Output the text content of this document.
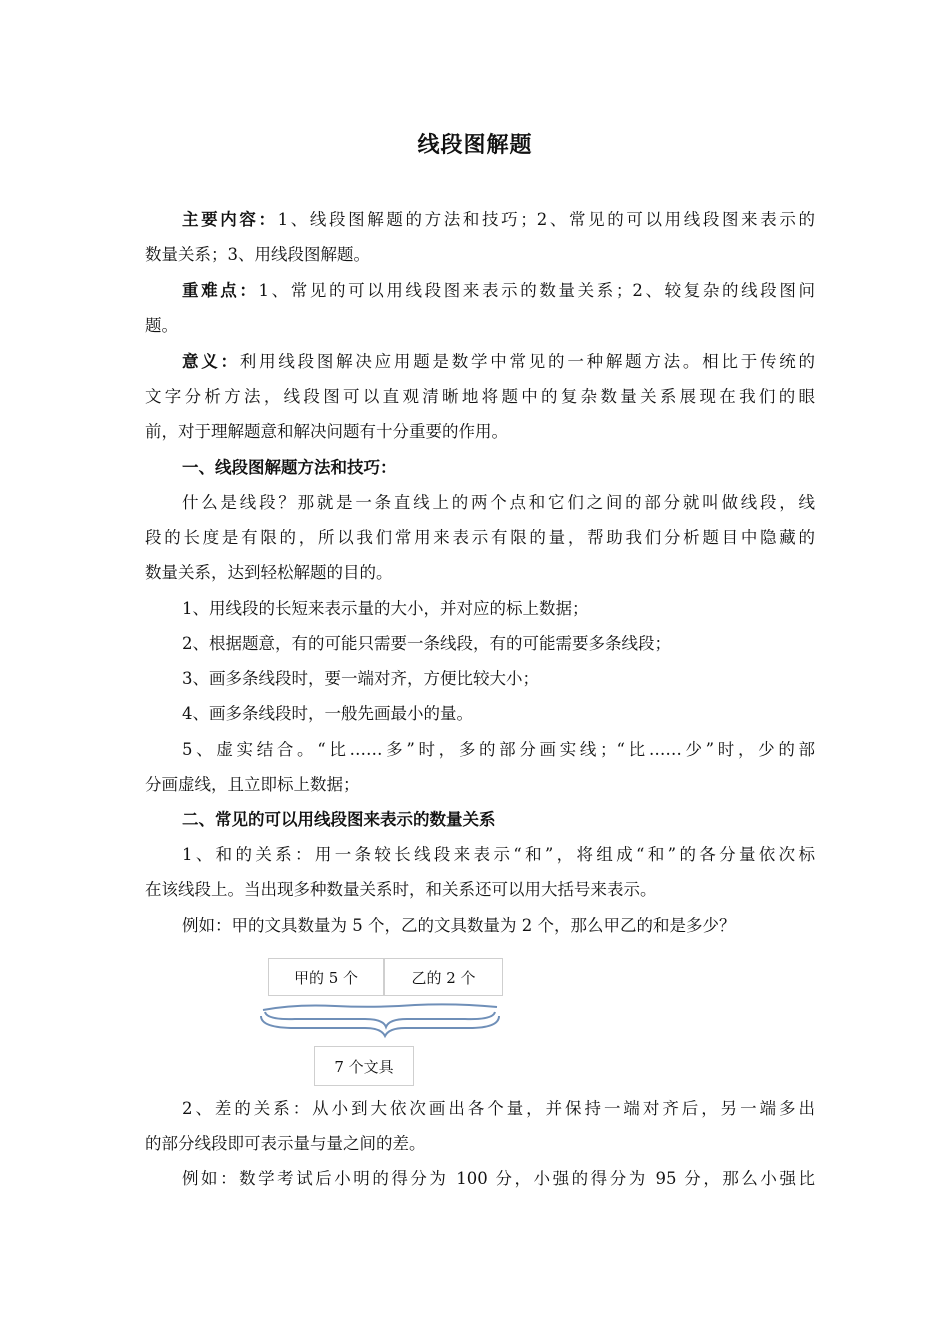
线段图解题
主要内容：1、线段图解题的方法和技巧；2、常见的可以用线段图来表示的
数量关系；3、用线段图解题。
重难点：1、常见的可以用线段图来表示的数量关系；2、较复杂的线段图问
题。
意义：利用线段图解决应用题是数学中常见的一种解题方法。相比于传统的
文字分析方法，线段图可以直观清晰地将题中的复杂数量关系展现在我们的眼
前，对于理解题意和解决问题有十分重要的作用。
一、线段图解题方法和技巧：
什么是线段？那就是一条直线上的两个点和它们之间的部分就叫做线段，线
段的长度是有限的，所以我们常用来表示有限的量，帮助我们分析题目中隐藏的
数量关系，达到轻松解题的目的。
1、用线段的长短来表示量的大小，并对应的标上数据；
2、根据题意，有的可能只需要一条线段，有的可能需要多条线段；
3、画多条线段时，要一端对齐，方便比较大小；
4、画多条线段时，一般先画最小的量。
5、虚实结合。“比……多”时，多的部分画实线；“比……少”时，少的部
分画虚线，且立即标上数据；
二、常见的可以用线段图来表示的数量关系
1、和的关系：用一条较长线段来表示“和”，将组成“和”的各分量依次标
在该线段上。当出现多种数量关系时，和关系还可以用大括号来表示。
例如：甲的文具数量为 5 个，乙的文具数量为 2 个，那么甲乙的和是多少？
甲的 5 个	乙的 2 个
7 个文具
2、差的关系：从小到大依次画出各个量，并保持一端对齐后，另一端多出
的部分线段即可表示量与量之间的差。
例如：数学考试后小明的得分为 100 分，小强的得分为 95 分，那么小强比
